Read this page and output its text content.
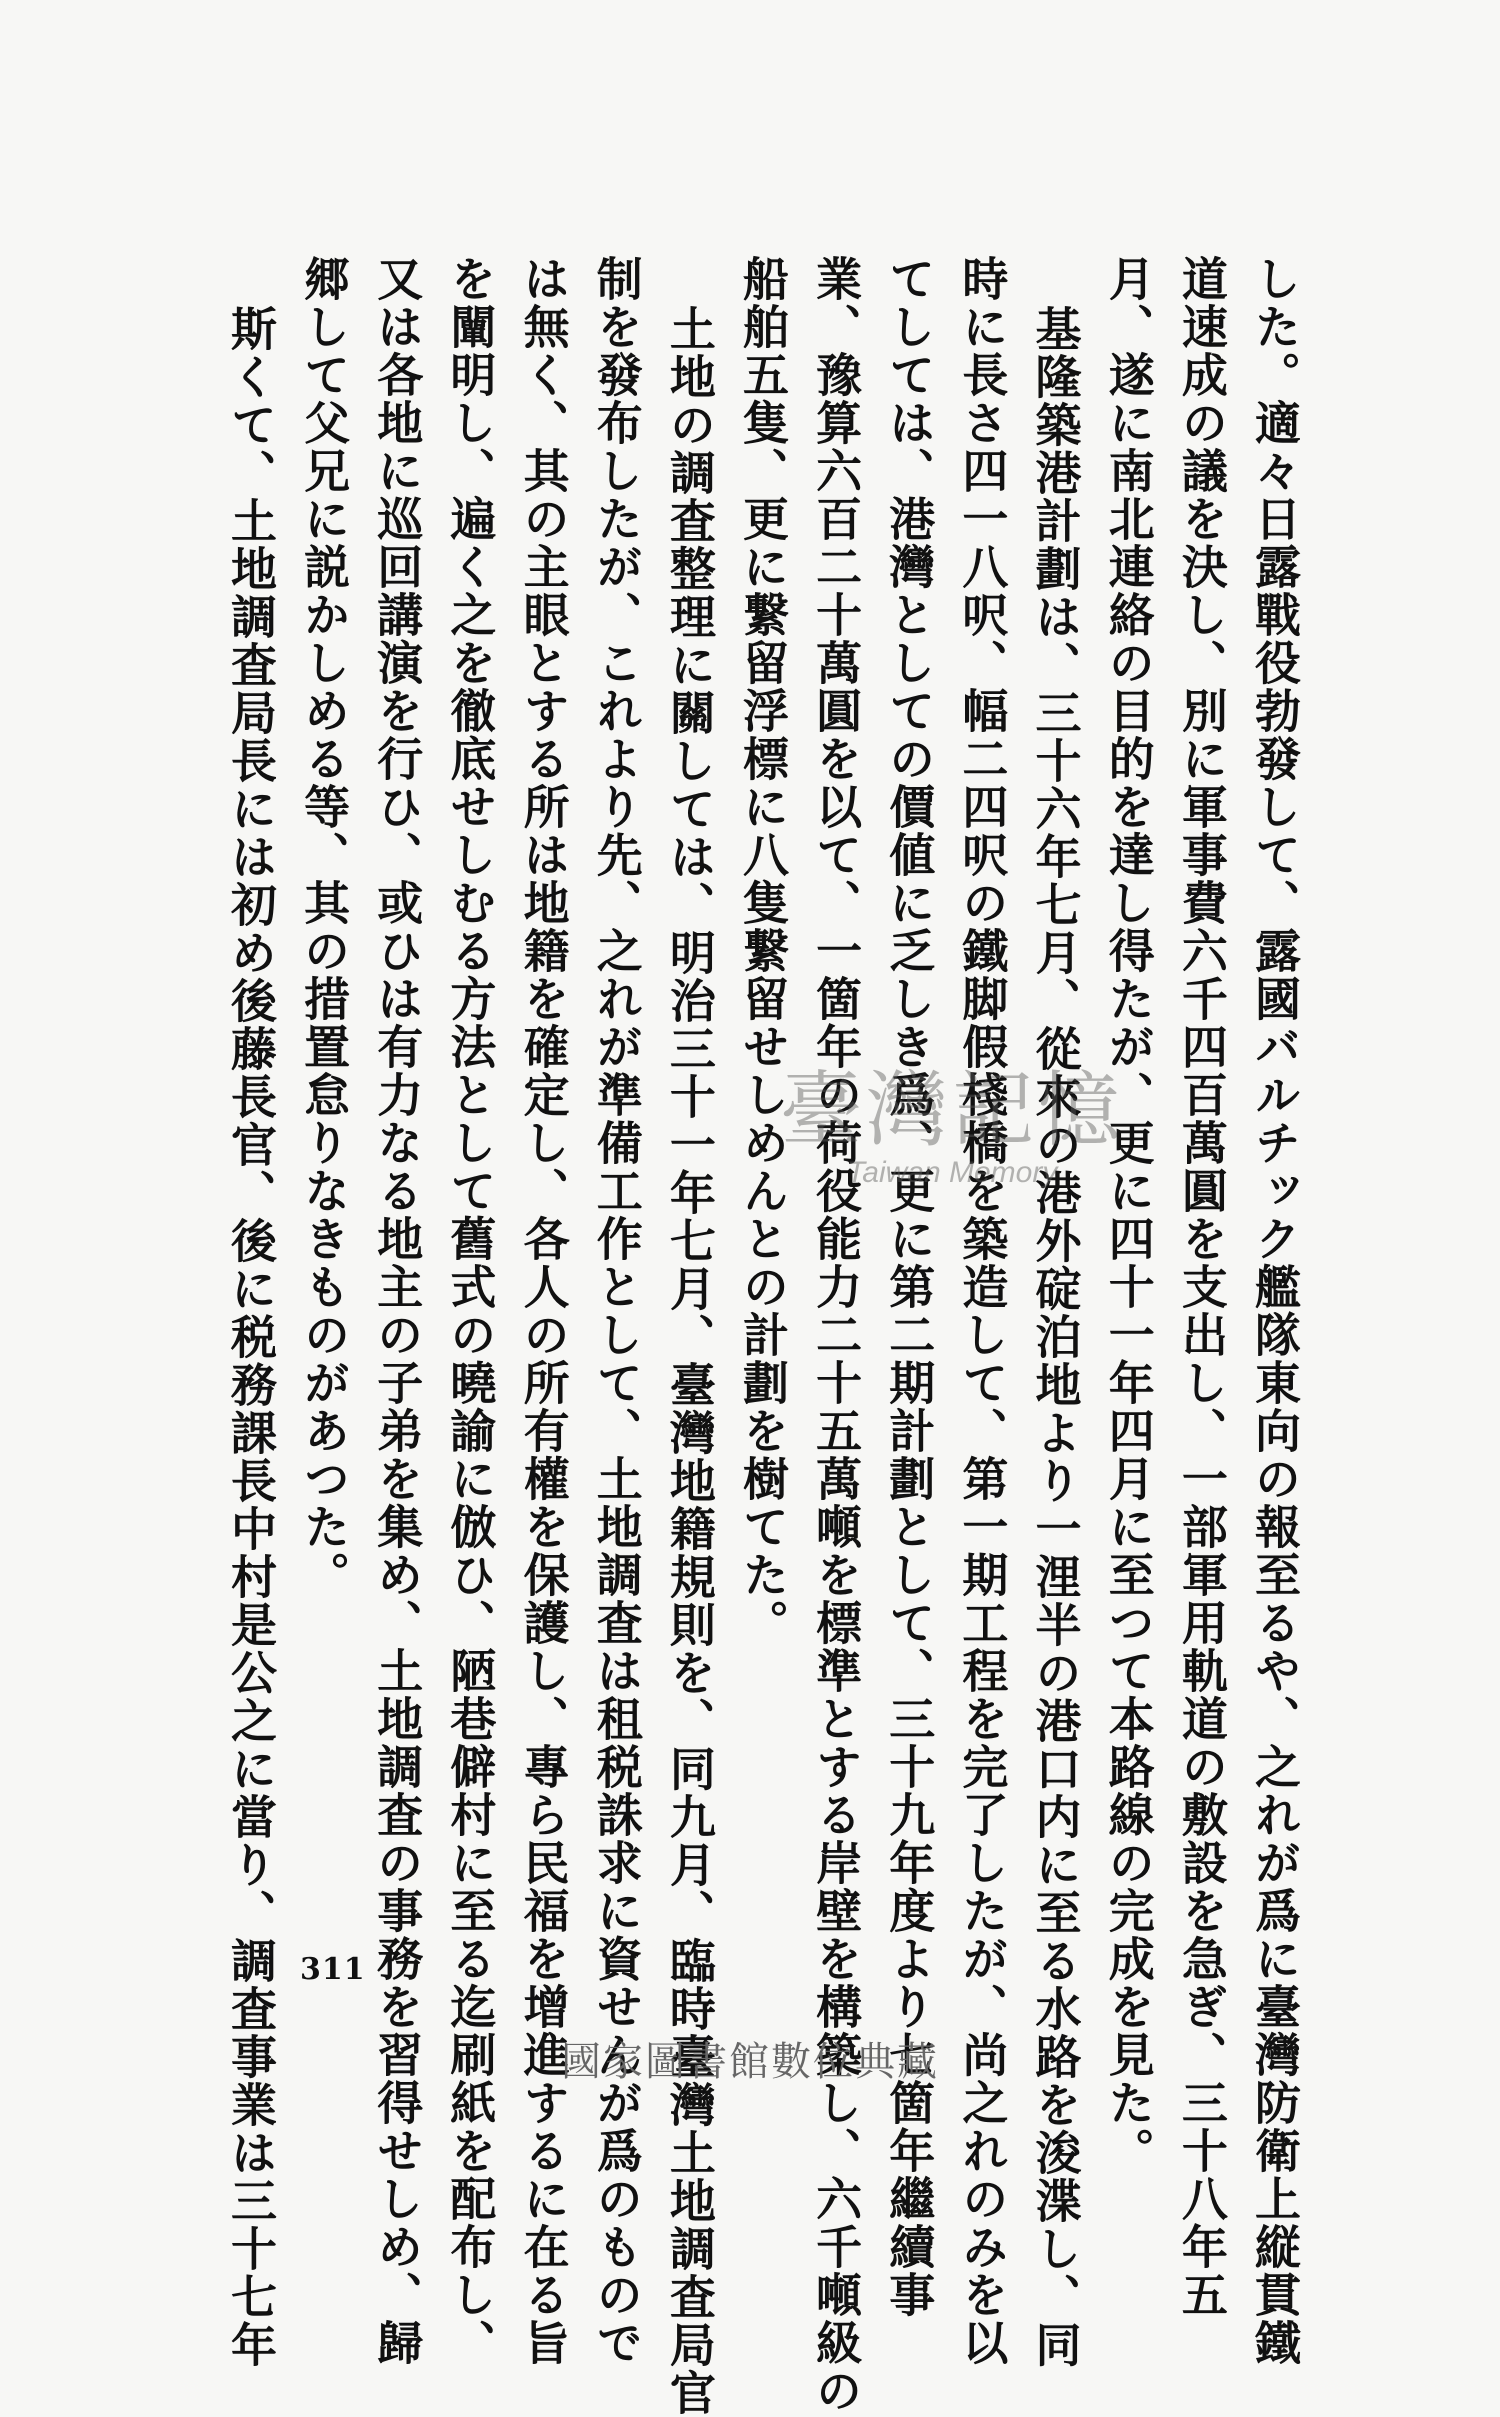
した。適々日露戰役勃發して、露國バルチック艦隊東向の報至るや、之れが爲に臺灣防衛上縦貫鐵
道速成の議を決し、別に軍事費六千四百萬圓を支出し、一部軍用軌道の敷設を急ぎ、三十八年五
月、遂に南北連絡の目的を達し得たが、更に四十一年四月に至つて本路線の完成を見た。
基隆築港計劃は、三十六年七月、從來の港外碇泊地より一浬半の港口内に至る水路を浚渫し、同
時に長さ四一八呎、幅二四呎の鐵脚假棧橋を築造して、第一期工程を完了したが、尚之れのみを以
てしては、港灣としての價値に乏しき爲、更に第二期計劃として、三十九年度より七箇年繼續事
業、豫算六百二十萬圓を以て、一箇年の荷役能力二十五萬噸を標準とする岸壁を構築し、六千噸級の
船舶五隻、更に繋留浮標に八隻繋留せしめんとの計劃を樹てた。
土地の調査整理に關しては、明治三十一年七月、臺灣地籍規則を、同九月、臨時臺灣土地調査局官
制を發布したが、これより先、之れが準備工作として、土地調査は租税誅求に資せんが爲のもので
は無く、其の主眼とする所は地籍を確定し、各人の所有權を保護し、專ら民福を增進するに在る旨
を闡明し、遍く之を徹底せしむる方法として舊式の曉諭に倣ひ、陋巷僻村に至る迄刷紙を配布し、
又は各地に巡回講演を行ひ、或ひは有力なる地主の子弟を集め、土地調査の事務を習得せしめ、歸
郷して父兄に説かしめる等、其の措置怠りなきものがあつた。
斯くて、土地調査局長には初め後藤長官、後に税務課長中村是公之に當り、調査事業は三十七年	臺灣記憶
Taiwan Memory
311
國家圖書館數位典藏
